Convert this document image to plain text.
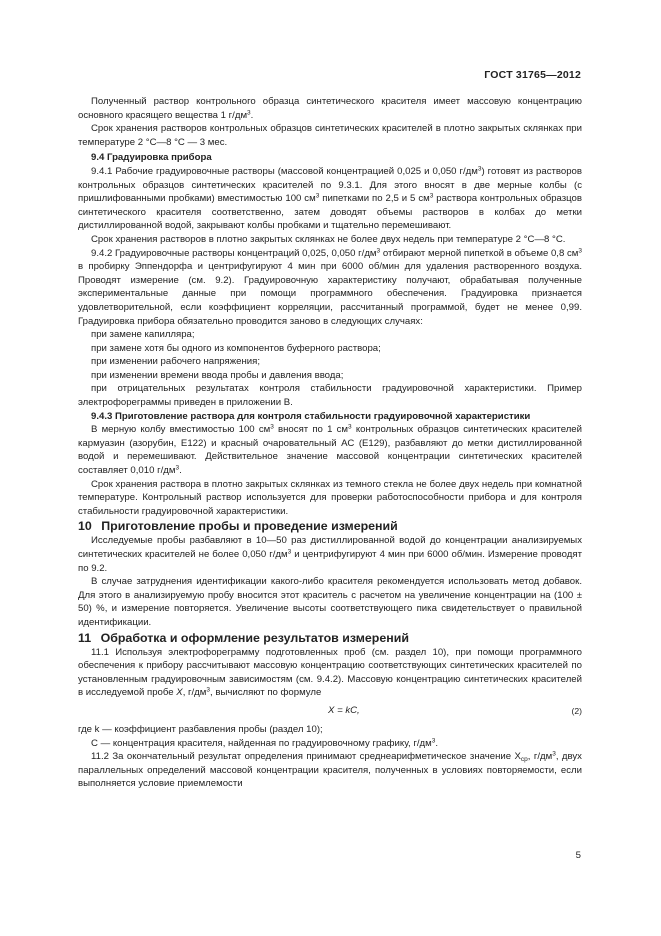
ГОСТ 31765—2012

Полученный раствор контрольного образца синтетического красителя имеет массовую концентрацию основного красящего вещества 1 $г/дм^3$.

Срок хранения растворов контрольных образцов синтетических красителей в плотно закрытых склянках при температуре 2 °С—8 °С — 3 мес.

9.4 Градуировка прибора

9.4.1 Рабочие градуировочные растворы (массовой концентрацией 0,025 и 0,050 $г/дм^3$) готовят из растворов контрольных образцов синтетических красителей по 9.3.1. Для этого вносят в две мерные колбы (с пришлифованными пробками) вместимостью 100 $см^3$ пипетками по 2,5 и 5 $см^3$ раствора контрольных образцов синтетического красителя соответственно, затем доводят объемы растворов в колбах до метки дистиллированной водой, закрывают колбы пробками и тщательно перемешивают.

Срок хранения растворов в плотно закрытых склянках не более двух недель при температуре 2 °С—8 °С.

9.4.2 Градуировочные растворы концентраций 0,025, 0,050 $г/дм^3$ отбирают мерной пипеткой в объеме 0,8 $см^3$ в пробирку Эппендорфа и центрифугируют 4 мин при 6000 об/мин для удаления растворенного воздуха. Проводят измерение (см. 9.2). Градуировочную характеристику получают, обрабатывая полученные экспериментальные данные при помощи программного обеспечения. Градуировка признается удовлетворительной, если коэффициент корреляции, рассчитанный программой, будет не менее 0,99. Градуировка прибора обязательно проводится заново в следующих случаях:

при замене капилляра;

при замене хотя бы одного из компонентов буферного раствора;

при изменении рабочего напряжения;

при изменении времени ввода пробы и давления ввода;

при отрицательных результатах контроля стабильности градуировочной характеристики. Пример электрофореграммы приведен в приложении В.

9.4.3 Приготовление раствора для контроля стабильности градуировочной характеристики

В мерную колбу вместимостью 100 $см^3$ вносят по 1 $см^3$ контрольных образцов синтетических красителей кармуазин (азорубин, Е122) и красный очаровательный АС (Е129), разбавляют до метки дистиллированной водой и перемешивают. Действительное значение массовой концентрации синтетических красителей составляет 0,010 $г/дм^3$.

Срок хранения раствора в плотно закрытых склянках из темного стекла не более двух недель при комнатной температуре. Контрольный раствор используется для проверки работоспособности прибора и для контроля стабильности градуировочной характеристики.

10 Приготовление пробы и проведение измерений

Исследуемые пробы разбавляют в 10—50 раз дистиллированной водой до концентрации анализируемых синтетических красителей не более 0,050 $г/дм^3$ и центрифугируют 4 мин при 6000 об/мин. Измерение проводят по 9.2.

В случае затруднения идентификации какого-либо красителя рекомендуется использовать метод добавок. Для этого в анализируемую пробу вносится этот краситель с расчетом на увеличение концентрации на (100 ± 50) %, и измерение повторяется. Увеличение высоты соответствующего пика свидетельствует о правильной идентификации.

11 Обработка и оформление результатов измерений

11.1 Используя электрофореграмму подготовленных проб (см. раздел 10), при помощи программного обеспечения к прибору рассчитывают массовую концентрацию соответствующих синтетических красителей по установленным градуировочным зависимостям (см. 9.4.2). Массовую концентрацию синтетических красителей в исследуемой пробе X, $г/дм^3$, вычисляют по формуле

X = kC,	(2)

где k — коэффициент разбавления пробы (раздел 10);

C — концентрация красителя, найденная по градуировочному графику, $г/дм^3$.

11.2 За окончательный результат определения принимают среднеарифметическое значение $X_{ср}$, $г/дм^3$, двух параллельных определений массовой концентрации красителя, полученных в условиях повторяемости, если выполняется условие приемлемости

5
